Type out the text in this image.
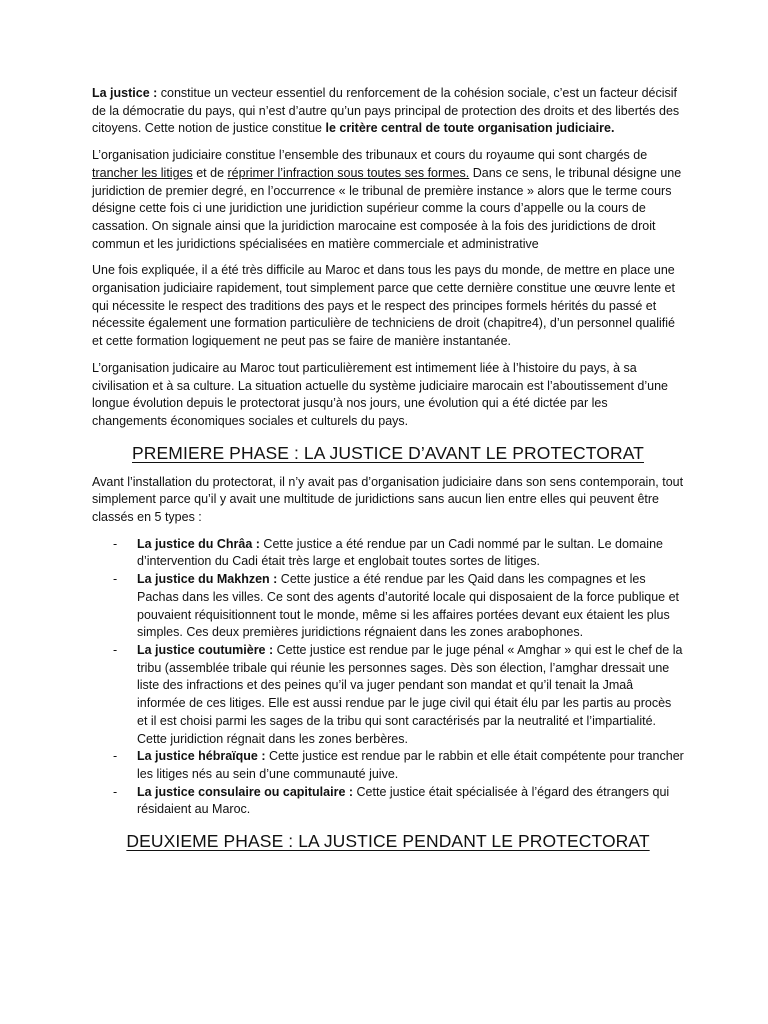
La justice : constitue un vecteur essentiel du renforcement de la cohésion sociale, c’est un facteur décisif de la démocratie du pays, qui n’est d’autre qu’un pays principal de protection des droits et des libertés des citoyens. Cette notion de justice constitue le critère central de toute organisation judiciaire.

L’organisation judiciaire constitue l’ensemble des tribunaux et cours du royaume qui sont chargés de trancher les litiges et de réprimer l’infraction sous toutes ses formes. Dans ce sens, le tribunal désigne une juridiction de premier degré, en l’occurrence « le tribunal de première instance » alors que le terme cours désigne cette fois ci une juridiction une juridiction supérieur comme la cours d’appelle ou la cours de cassation. On signale ainsi que la juridiction marocaine est composée à la fois des juridictions de droit commun et les juridictions spécialisées en matière commerciale et administrative

Une fois expliquée, il a été très difficile au Maroc et dans tous les pays du monde, de mettre en place une organisation judiciaire rapidement, tout simplement parce que cette dernière constitue une œuvre lente et qui nécessite le respect des traditions des pays et le respect des principes formels hérités du passé et nécessite également une formation particulière de techniciens de droit (chapitre4), d’un personnel qualifié et cette formation logiquement ne peut pas se faire de manière instantanée.

L’organisation judicaire au Maroc tout particulièrement est intimement liée à l’histoire du pays, à sa civilisation et à sa culture. La situation actuelle du système judiciaire marocain est l’aboutissement d’une longue évolution depuis le protectorat jusqu’à nos jours, une évolution qui a été dictée par les changements économiques sociales et culturels du pays.

PREMIERE PHASE : LA JUSTICE D’AVANT LE PROTECTORAT

Avant l’installation du protectorat, il n’y avait pas d’organisation judiciaire dans son sens contemporain, tout simplement parce qu’il y avait une multitude de juridictions sans aucun lien entre elles qui peuvent être classés en 5 types :

- La justice du Chrâa : Cette justice a été rendue par un Cadi nommé par le sultan. Le domaine d’intervention du Cadi était très large et englobait toutes sortes de litiges.
- La justice du Makhzen : Cette justice a été rendue par les Qaid dans les compagnes et les Pachas dans les villes. Ce sont des agents d’autorité locale qui disposaient de la force publique et pouvaient réquisitionnent tout le monde, même si les affaires portées devant eux étaient les plus simples. Ces deux premières juridictions régnaient dans les zones arabophones.
- La justice coutumière : Cette justice est rendue par le juge pénal « Amghar » qui est le chef de la tribu (assemblée tribale qui réunie les personnes sages. Dès son élection, l’amghar dressait une liste des infractions et des peines qu’il va juger pendant son mandat et qu’il tenait la Jmaâ informée de ces litiges. Elle est aussi rendue par le juge civil qui était élu par les partis au procès et il est choisi parmi les sages de la tribu qui sont caractérisés par la neutralité et l’impartialité. Cette juridiction régnait dans les zones berbères.
- La justice hébraïque : Cette justice est rendue par le rabbin et elle était compétente pour trancher les litiges nés au sein d’une communauté juive.
- La justice consulaire ou capitulaire : Cette justice était spécialisée à l’égard des étrangers qui résidaient au Maroc.
DEUXIEME PHASE : LA JUSTICE PENDANT LE PROTECTORAT
